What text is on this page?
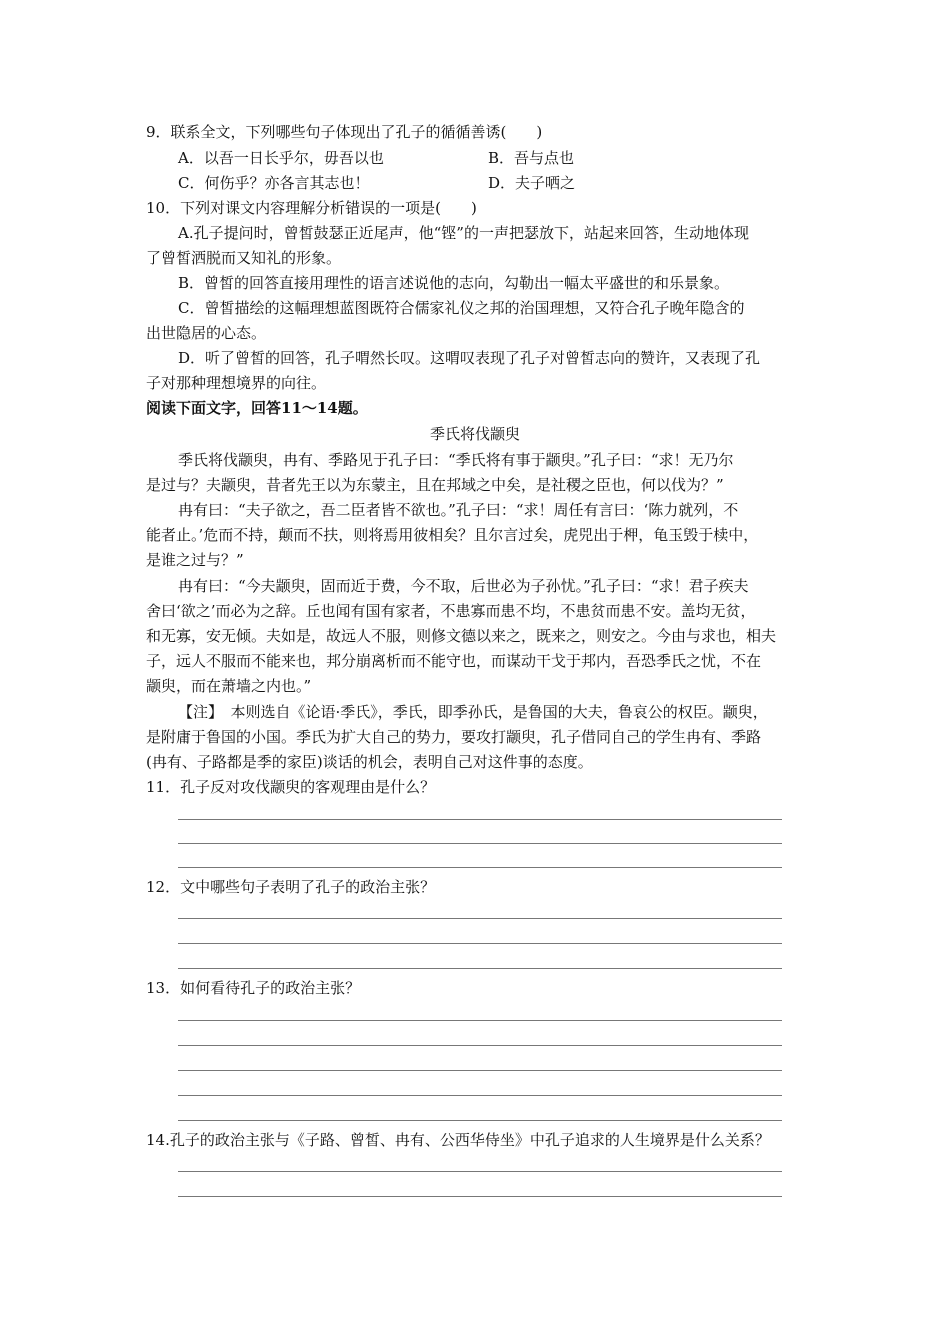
9．联系全文，下列哪些句子体现出了孔子的循循善诱(　　)
A．以吾一日长乎尔，毋吾以也	B．吾与点也
C．何伤乎？亦各言其志也！	D．夫子哂之
10．下列对课文内容理解分析错误的一项是(　　)
A.孔子提问时，曾皙鼓瑟正近尾声，他“铿”的一声把瑟放下，站起来回答，生动地体现
了曾皙洒脱而又知礼的形象。
B．曾皙的回答直接用理性的语言述说他的志向，勾勒出一幅太平盛世的和乐景象。
C．曾皙描绘的这幅理想蓝图既符合儒家礼仪之邦的治国理想，又符合孔子晚年隐含的
出世隐居的心态。
D．听了曾皙的回答，孔子喟然长叹。这喟叹表现了孔子对曾皙志向的赞许，又表现了孔
子对那种理想境界的向往。
阅读下面文字，回答11～14题。
季氏将伐颛臾
季氏将伐颛臾，冉有、季路见于孔子曰：“季氏将有事于颛臾。”孔子曰：“求！无乃尔
是过与？夫颛臾，昔者先王以为东蒙主，且在邦域之中矣，是社稷之臣也，何以伐为？”
冉有曰：“夫子欲之，吾二臣者皆不欲也。”孔子曰：“求！周任有言曰：‘陈力就列，不
能者止。’危而不持，颠而不扶，则将焉用彼相矣？且尔言过矣，虎兕出于柙，龟玉毁于椟中，
是谁之过与？”
冉有曰：“今夫颛臾，固而近于费，今不取，后世必为子孙忧。”孔子曰：“求！君子疾夫
舍曰‘欲之’而必为之辞。丘也闻有国有家者，不患寡而患不均，不患贫而患不安。盖均无贫，
和无寡，安无倾。夫如是，故远人不服，则修文德以来之，既来之，则安之。今由与求也，相夫
子，远人不服而不能来也，邦分崩离析而不能守也，而谋动干戈于邦内，吾恐季氏之忧，不在
颛臾，而在萧墙之内也。”
【注】　本则选自《论语·季氏》，季氏，即季孙氏，是鲁国的大夫，鲁哀公的权臣。颛臾，
是附庸于鲁国的小国。季氏为扩大自己的势力，要攻打颛臾，孔子借同自己的学生冉有、季路
(冉有、子路都是季的家臣)谈话的机会，表明自己对这件事的态度。
11．孔子反对攻伐颛臾的客观理由是什么？
12．文中哪些句子表明了孔子的政治主张？
13．如何看待孔子的政治主张？
14.孔子的政治主张与《子路、曾皙、冉有、公西华侍坐》中孔子追求的人生境界是什么关系？
